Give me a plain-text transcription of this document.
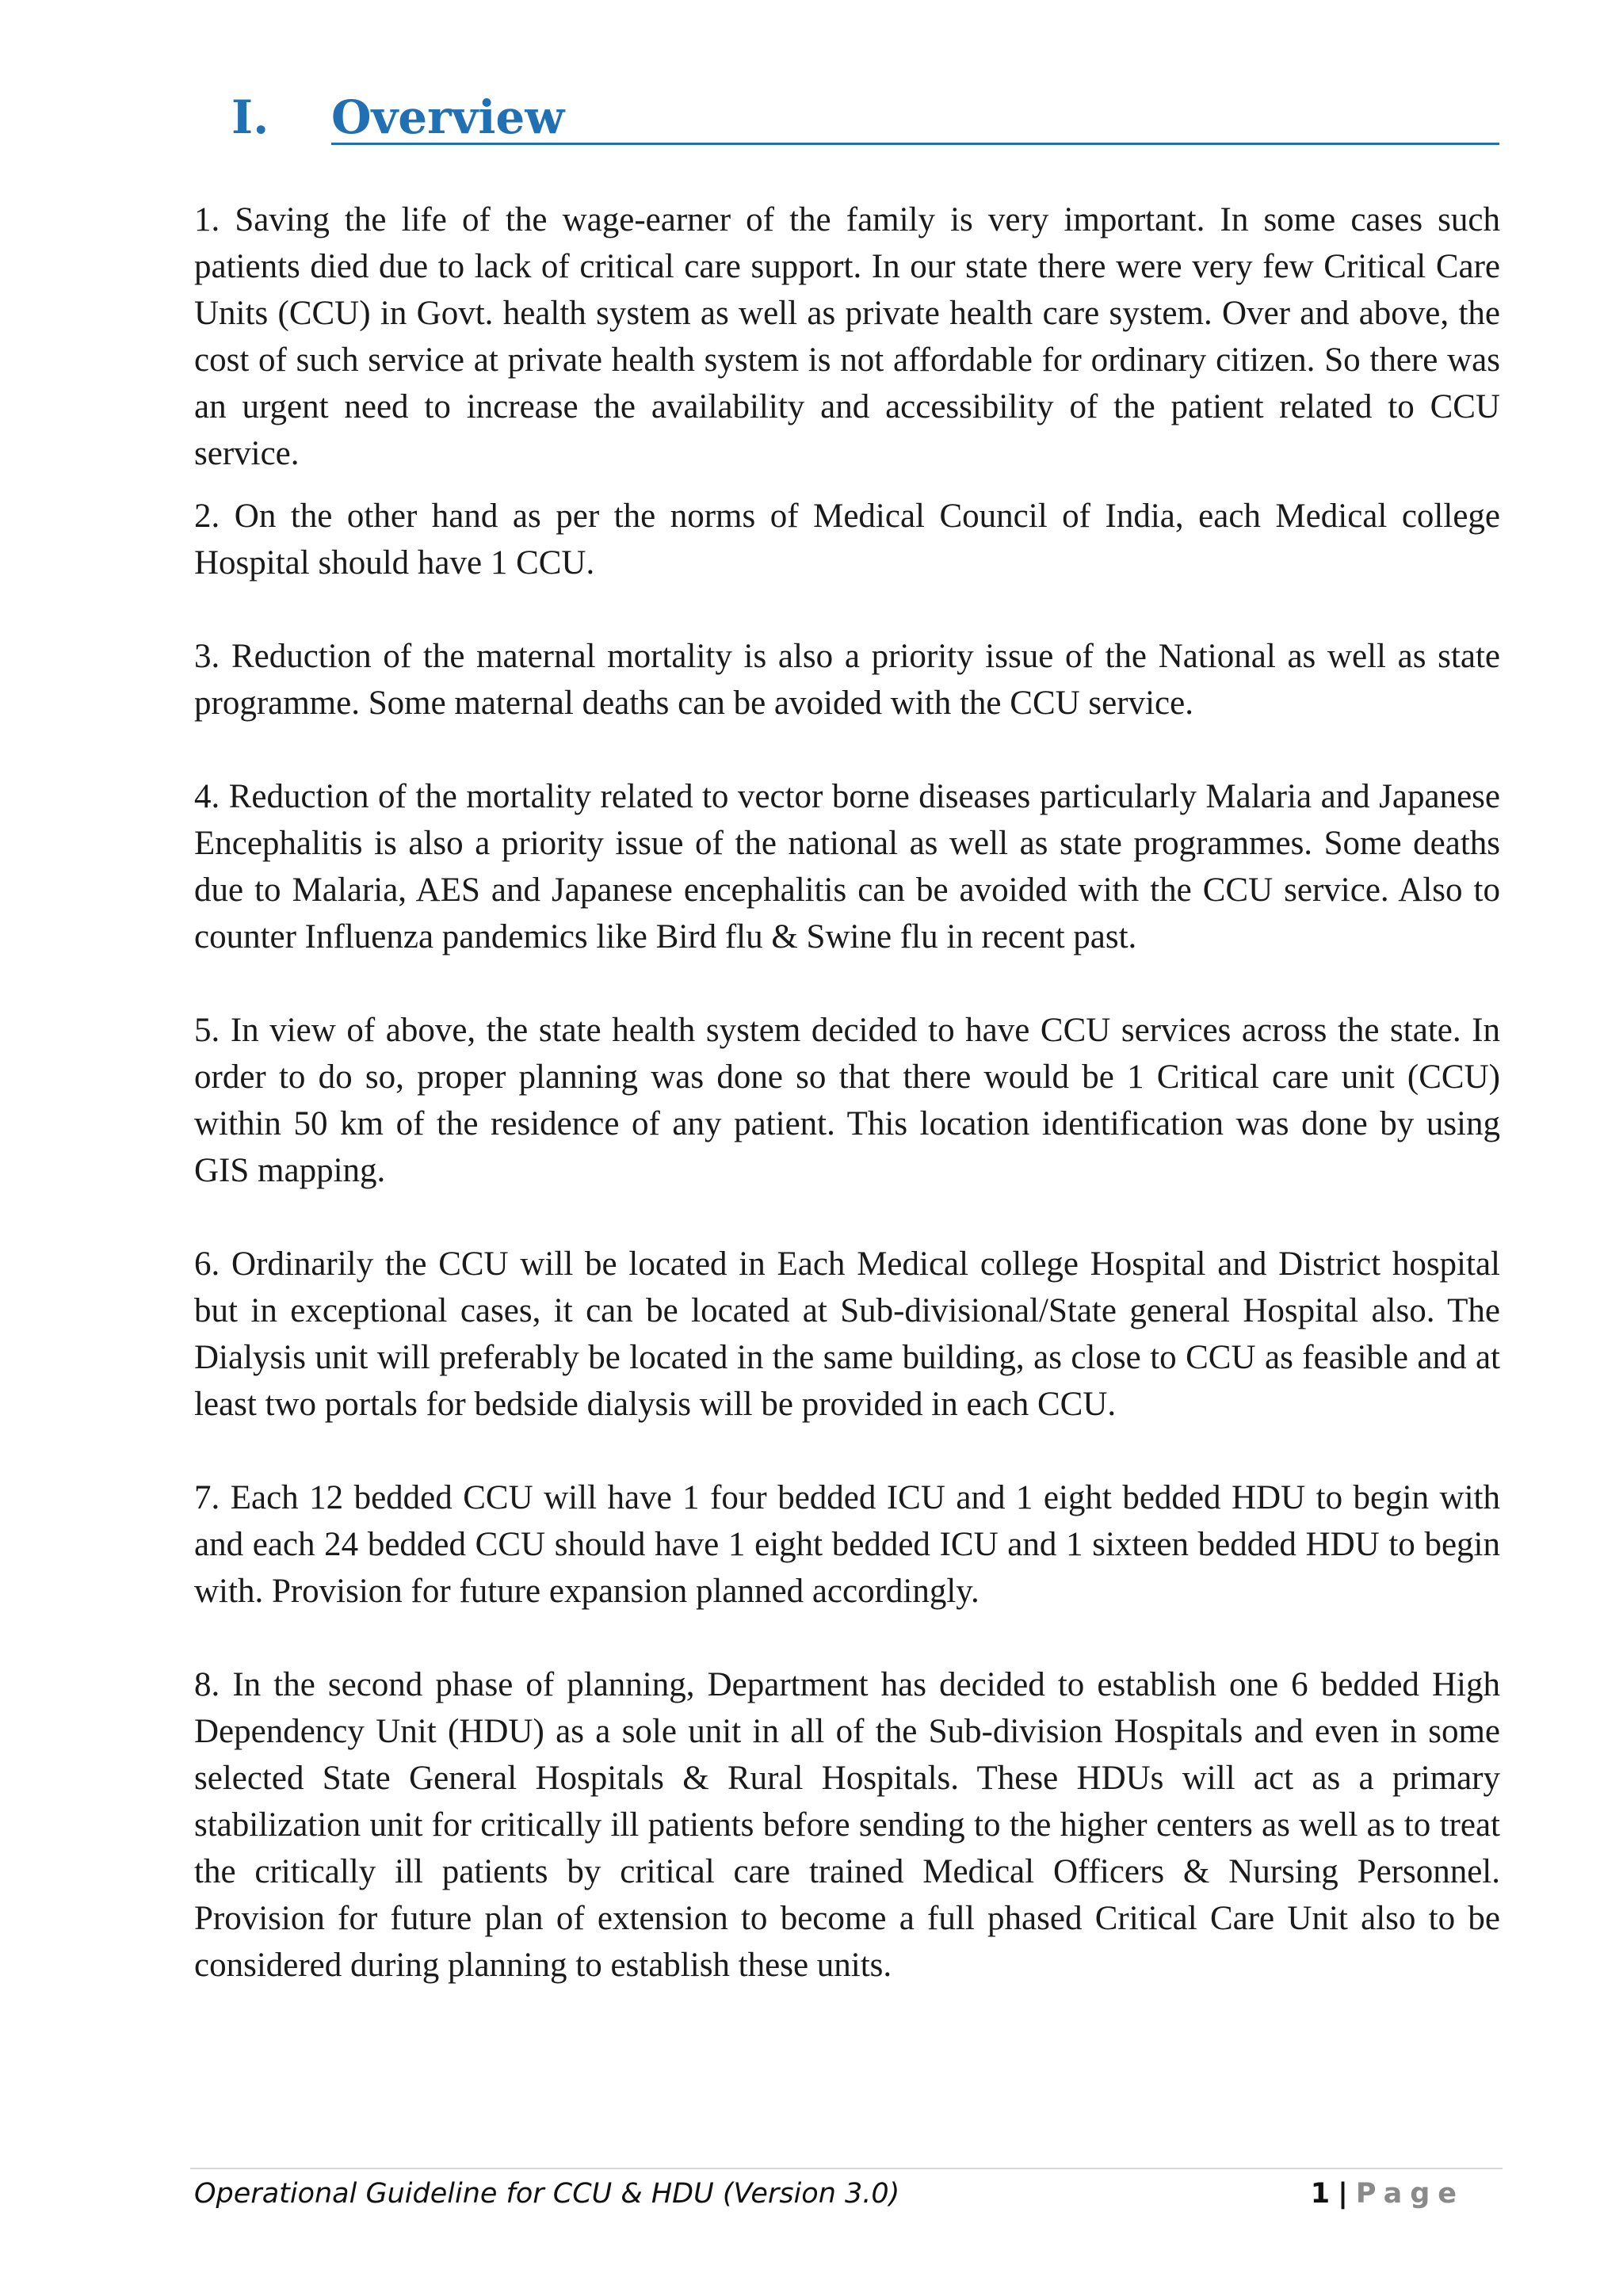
I. Overview

1. Saving the life of the wage-earner of the family is very important. In some cases such patients died due to lack of critical care support. In our state there were very few Critical Care Units (CCU) in Govt. health system as well as private health care system. Over and above, the cost of such service at private health system is not affordable for ordinary citizen. So there was an urgent need to increase the availability and accessibility of the patient related to CCU service.

2. On the other hand as per the norms of Medical Council of India, each Medical college Hospital should have 1 CCU.

3. Reduction of the maternal mortality is also a priority issue of the National as well as state programme. Some maternal deaths can be avoided with the CCU service.

4. Reduction of the mortality related to vector borne diseases particularly Malaria and Japanese Encephalitis is also a priority issue of the national as well as state programmes. Some deaths due to Malaria, AES and Japanese encephalitis can be avoided with the CCU service. Also to counter Influenza pandemics like Bird flu & Swine flu in recent past.

5. In view of above, the state health system decided to have CCU services across the state. In order to do so, proper planning was done so that there would be 1 Critical care unit (CCU) within 50 km of the residence of any patient. This location identification was done by using GIS mapping.

6. Ordinarily the CCU will be located in Each Medical college Hospital and District hospital but in exceptional cases, it can be located at Sub-divisional/State general Hospital also. The Dialysis unit will preferably be located in the same building, as close to CCU as feasible and at least two portals for bedside dialysis will be provided in each CCU.

7. Each 12 bedded CCU will have 1 four bedded ICU and 1 eight bedded HDU to begin with and each 24 bedded CCU should have 1 eight bedded ICU and 1 sixteen bedded HDU to begin with. Provision for future expansion planned accordingly.

8. In the second phase of planning, Department has decided to establish one 6 bedded High Dependency Unit (HDU) as a sole unit in all of the Sub-division Hospitals and even in some selected State General Hospitals & Rural Hospitals. These HDUs will act as a primary stabilization unit for critically ill patients before sending to the higher centers as well as to treat the critically ill patients by critical care trained Medical Officers & Nursing Personnel. Provision for future plan of extension to become a full phased Critical Care Unit also to be considered during planning to establish these units.

Operational Guideline for CCU & HDU (Version 3.0)	1 | Page
